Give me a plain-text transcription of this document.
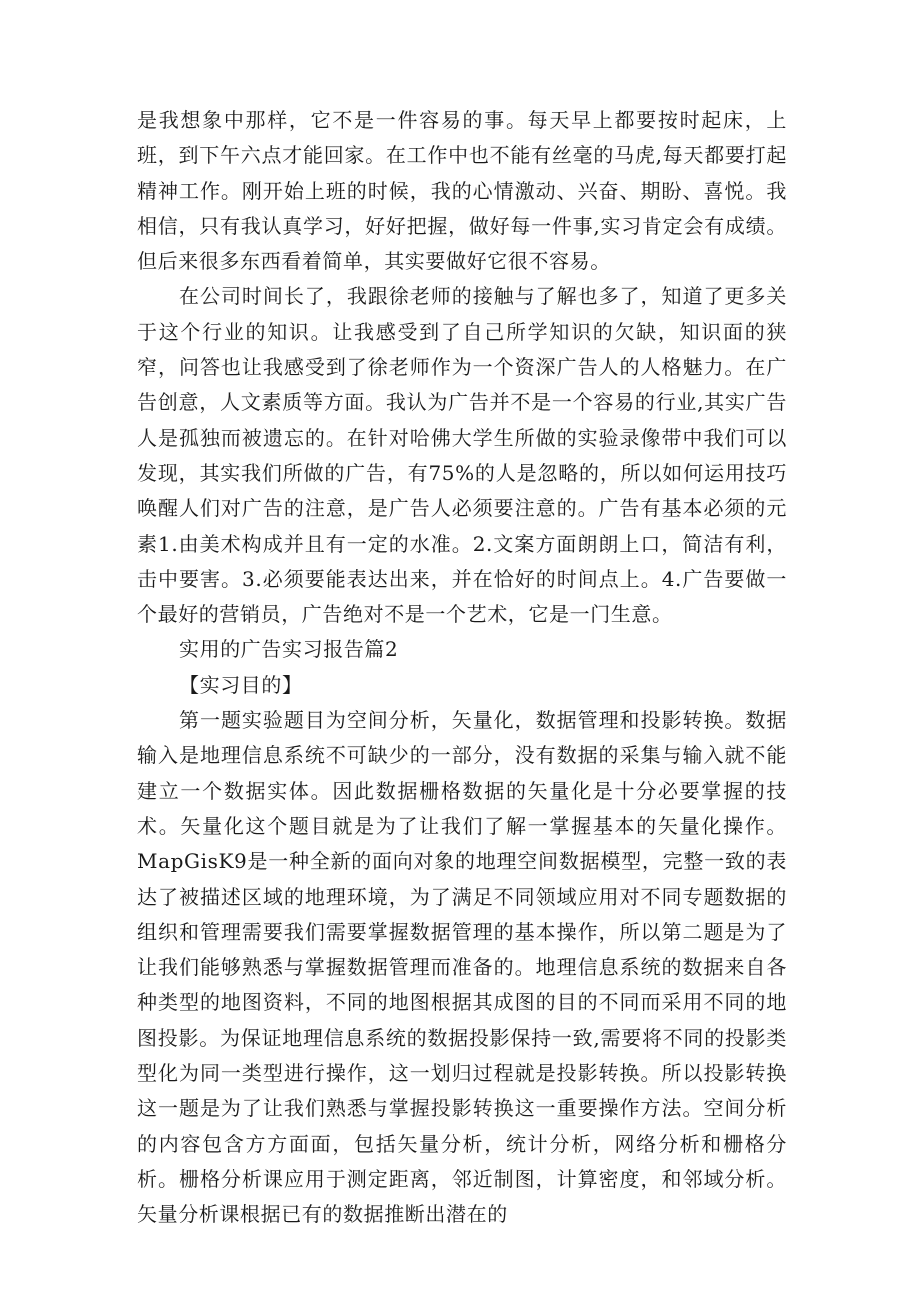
是我想象中那样，它不是一件容易的事。每天早上都要按时起床，上班，到下午六点才能回家。在工作中也不能有丝毫的马虎,每天都要打起精神工作。刚开始上班的时候，我的心情激动、兴奋、期盼、喜悦。我相信，只有我认真学习，好好把握，做好每一件事,实习肯定会有成绩。但后来很多东西看着简单，其实要做好它很不容易。

在公司时间长了，我跟徐老师的接触与了解也多了，知道了更多关于这个行业的知识。让我感受到了自己所学知识的欠缺，知识面的狭窄，问答也让我感受到了徐老师作为一个资深广告人的人格魅力。在广告创意，人文素质等方面。我认为广告并不是一个容易的行业,其实广告人是孤独而被遗忘的。在针对哈佛大学生所做的实验录像带中我们可以发现，其实我们所做的广告，有75%的人是忽略的，所以如何运用技巧唤醒人们对广告的注意，是广告人必须要注意的。广告有基本必须的元素1.由美术构成并且有一定的水准。2.文案方面朗朗上口，简洁有利，击中要害。3.必须要能表达出来，并在恰好的时间点上。4.广告要做一个最好的营销员，广告绝对不是一个艺术，它是一门生意。

实用的广告实习报告篇2

【实习目的】

第一题实验题目为空间分析，矢量化，数据管理和投影转换。数据输入是地理信息系统不可缺少的一部分，没有数据的采集与输入就不能建立一个数据实体。因此数据栅格数据的矢量化是十分必要掌握的技术。矢量化这个题目就是为了让我们了解一掌握基本的矢量化操作。MapGisK9是一种全新的面向对象的地理空间数据模型，完整一致的表达了被描述区域的地理环境，为了满足不同领域应用对不同专题数据的组织和管理需要我们需要掌握数据管理的基本操作，所以第二题是为了让我们能够熟悉与掌握数据管理而准备的。地理信息系统的数据来自各种类型的地图资料，不同的地图根据其成图的目的不同而采用不同的地图投影。为保证地理信息系统的数据投影保持一致,需要将不同的投影类型化为同一类型进行操作，这一划归过程就是投影转换。所以投影转换这一题是为了让我们熟悉与掌握投影转换这一重要操作方法。空间分析的内容包含方方面面，包括矢量分析，统计分析，网络分析和栅格分析。栅格分析课应用于测定距离，邻近制图，计算密度，和邻域分析。矢量分析课根据已有的数据推断出潜在的
